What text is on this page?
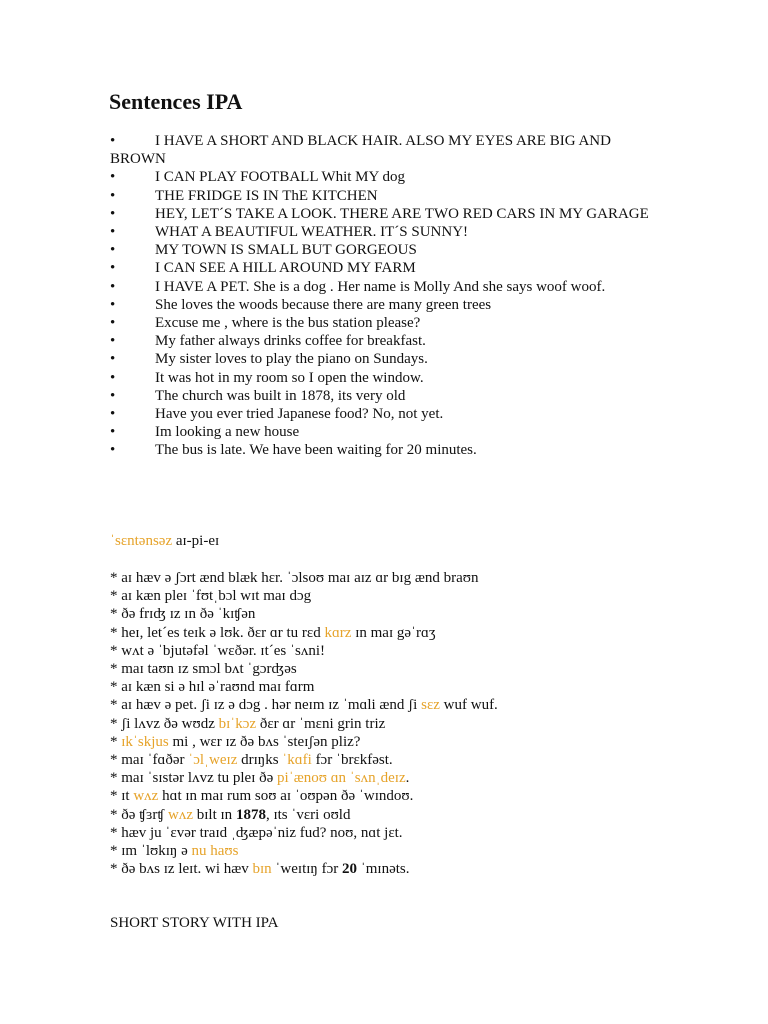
Sentences IPA
• I HAVE A SHORT AND BLACK HAIR. ALSO MY EYES ARE BIG AND BROWN
• I CAN PLAY FOOTBALL Whit MY dog
• THE FRIDGE IS IN ThE KITCHEN
• HEY, LET´S TAKE A LOOK. THERE ARE TWO RED CARS IN MY GARAGE
• WHAT A BEAUTIFUL WEATHER. IT´S SUNNY!
• MY TOWN IS SMALL BUT GORGEOUS
• I CAN SEE A HILL AROUND MY FARM
• I HAVE A PET. She is a dog . Her name is Molly And she says woof woof.
• She loves the woods because there are many green trees
• Excuse me , where is the bus station please?
• My father always drinks coffee for breakfast.
• My sister loves to play the piano on Sundays.
• It was hot in my room so I open the window.
• The church was built in 1878, its very old
• Have you ever tried Japanese food? No, not yet.
• Im looking a new house
• The bus is late. We have been waiting for 20 minutes.
ˈsɛntənsəz aɪ-pi-eɪ
* aɪ hæv ə ʃɔrt ænd blæk hɛr. ˈɔlsoʊ maɪ aɪz ɑr bɪg ænd braʊn
* aɪ kæn pleɪ ˈfʊtˌbɔl wɪt maɪ dɔg
* ðə frɪʤ ɪz ɪn ðə ˈkɪʧən
* heɪ, let´es teɪk ə lʊk. ðɛr ɑr tu rɛd kɑrz ɪn maɪ gəˈrɑʒ
* wʌt ə ˈbjutəfəl ˈwɛðər. ɪt´es ˈsʌni!
* maɪ taʊn ɪz smɔl bʌt ˈgɔrʤəs
* aɪ kæn si ə hɪl əˈraʊnd maɪ fɑrm
* aɪ hæv ə pet. ʃi ɪz ə dɔg . hər neɪm ɪz ˈmɑli ænd ʃi sɛz wuf wuf.
* ʃi lʌvz ðə wʊdz bɪˈkɔz ðɛr ɑr ˈmɛni grin triz
* ɪkˈskjus mi , wɛr ɪz ðə bʌs ˈsteɪʃən pliz?
* maɪ ˈfɑðər ˈɔlˌweɪz drɪŋks ˈkɑfi fɔr ˈbrɛkfəst.
* maɪ ˈsɪstər lʌvz tu pleɪ ðə piˈænoʊ ɑn ˈsʌnˌdeɪz.
* ɪt wʌz hɑt ɪn maɪ rum soʊ aɪ ˈoʊpən ðə ˈwɪndoʊ.
* ðə ʧɜrʧ wʌz bɪlt ɪn 1878, ɪts ˈvɛri oʊld
* hæv ju ˈɛvər traɪd ˌʤæpəˈniz fud? noʊ, nɑt jɛt.
* ɪm ˈlʊkɪŋ ə nu haʊs
* ðə bʌs ɪz leɪt. wi hæv bɪn ˈweɪtɪŋ fɔr 20 ˈmɪnəts.
SHORT STORY WITH IPA
